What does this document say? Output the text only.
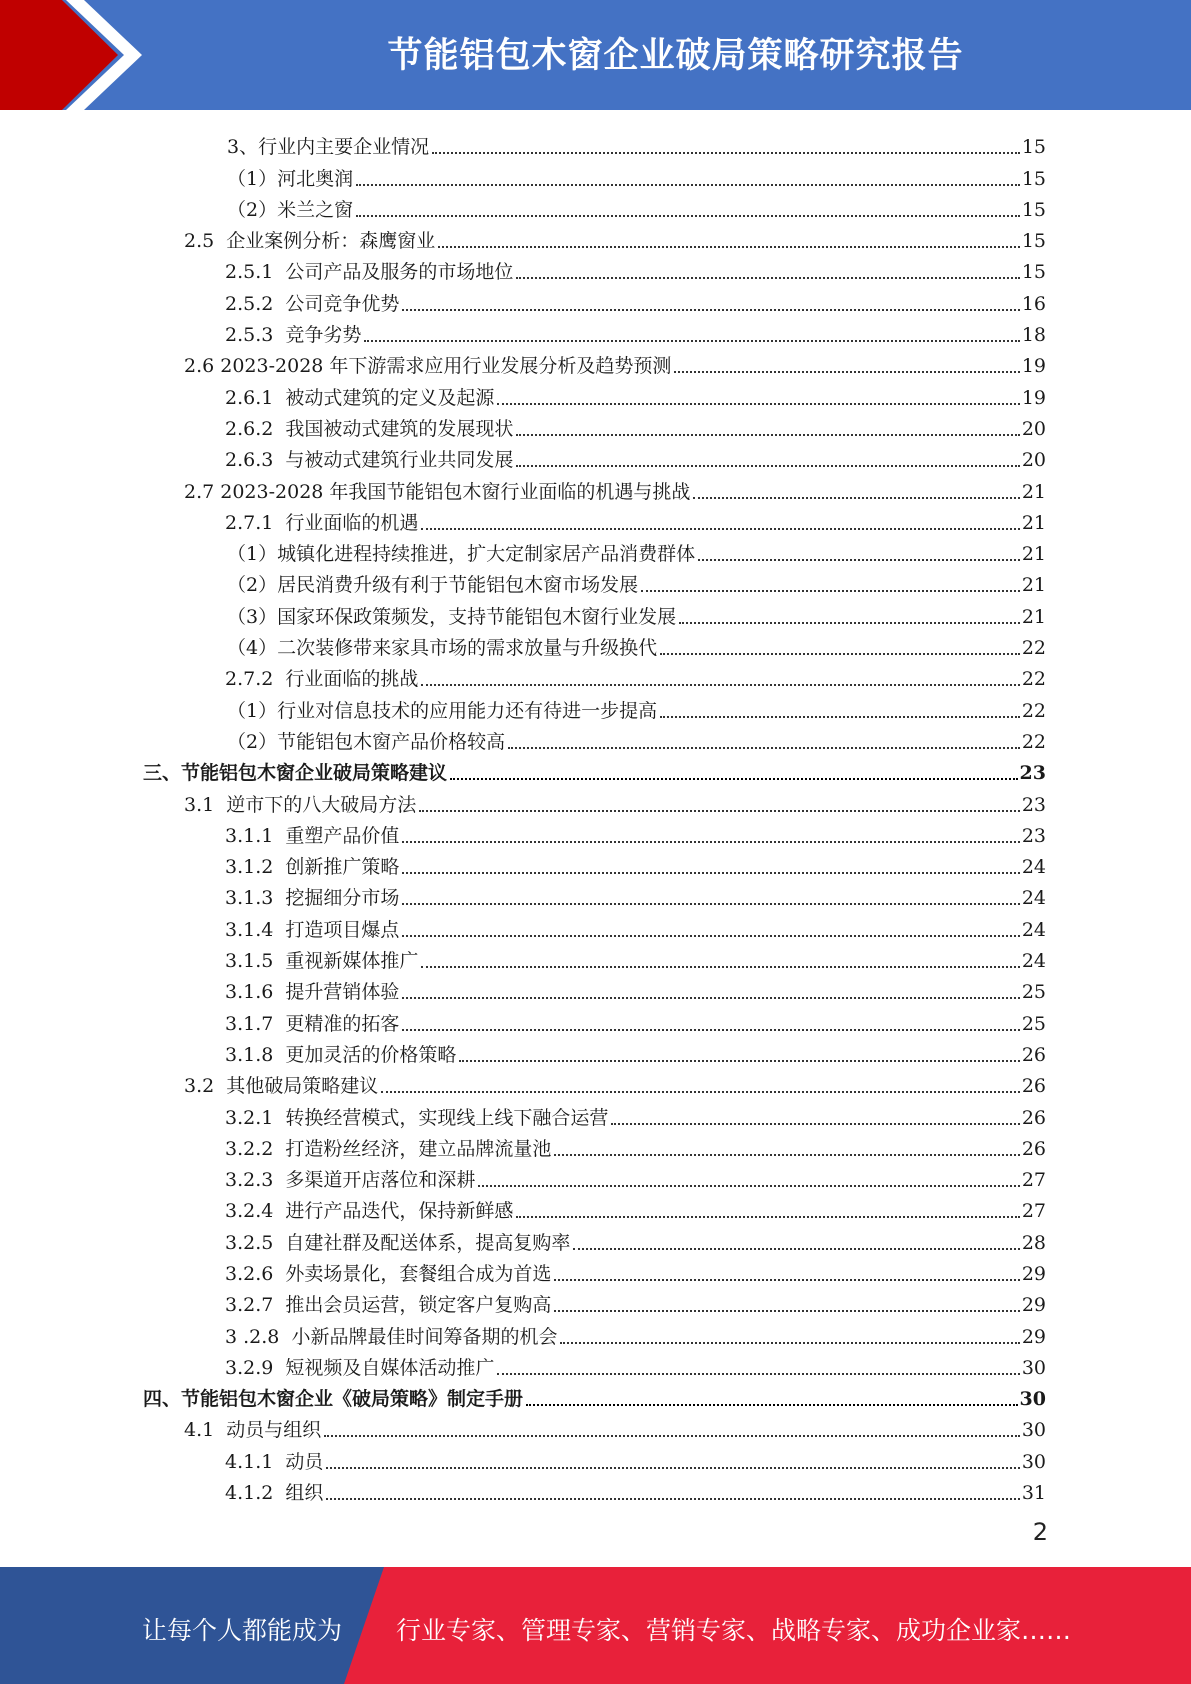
节能铝包木窗企业破局策略研究报告
3、行业内主要企业情况	15
（1）河北奥润	15
（2）米兰之窗	15
2.5  企业案例分析：森鹰窗业	15
2.5.1  公司产品及服务的市场地位	15
2.5.2  公司竞争优势	16
2.5.3  竞争劣势	18
2.6 2023-2028 年下游需求应用行业发展分析及趋势预测	19
2.6.1  被动式建筑的定义及起源	19
2.6.2  我国被动式建筑的发展现状	20
2.6.3  与被动式建筑行业共同发展	20
2.7 2023-2028 年我国节能铝包木窗行业面临的机遇与挑战	21
2.7.1  行业面临的机遇	21
（1）城镇化进程持续推进，扩大定制家居产品消费群体	21
（2）居民消费升级有利于节能铝包木窗市场发展	21
（3）国家环保政策频发，支持节能铝包木窗行业发展	21
（4）二次装修带来家具市场的需求放量与升级换代	22
2.7.2  行业面临的挑战	22
（1）行业对信息技术的应用能力还有待进一步提高	22
（2）节能铝包木窗产品价格较高	22
三、节能铝包木窗企业破局策略建议	23
3.1  逆市下的八大破局方法	23
3.1.1  重塑产品价值	23
3.1.2  创新推广策略	24
3.1.3  挖掘细分市场	24
3.1.4  打造项目爆点	24
3.1.5  重视新媒体推广	24
3.1.6  提升营销体验	25
3.1.7  更精准的拓客	25
3.1.8  更加灵活的价格策略	26
3.2  其他破局策略建议	26
3.2.1  转换经营模式，实现线上线下融合运营	26
3.2.2  打造粉丝经济，建立品牌流量池	26
3.2.3  多渠道开店落位和深耕	27
3.2.4  进行产品迭代，保持新鲜感	27
3.2.5  自建社群及配送体系，提高复购率	28
3.2.6  外卖场景化，套餐组合成为首选	29
3.2.7  推出会员运营，锁定客户复购高	29
3 .2.8  小新品牌最佳时间筹备期的机会	29
3.2.9  短视频及自媒体活动推广	30
四、节能铝包木窗企业《破局策略》制定手册	30
4.1  动员与组织	30
4.1.1  动员	30
4.1.2  组织	31
2
让每个人都能成为 行业专家、管理专家、营销专家、战略专家、成功企业家……
